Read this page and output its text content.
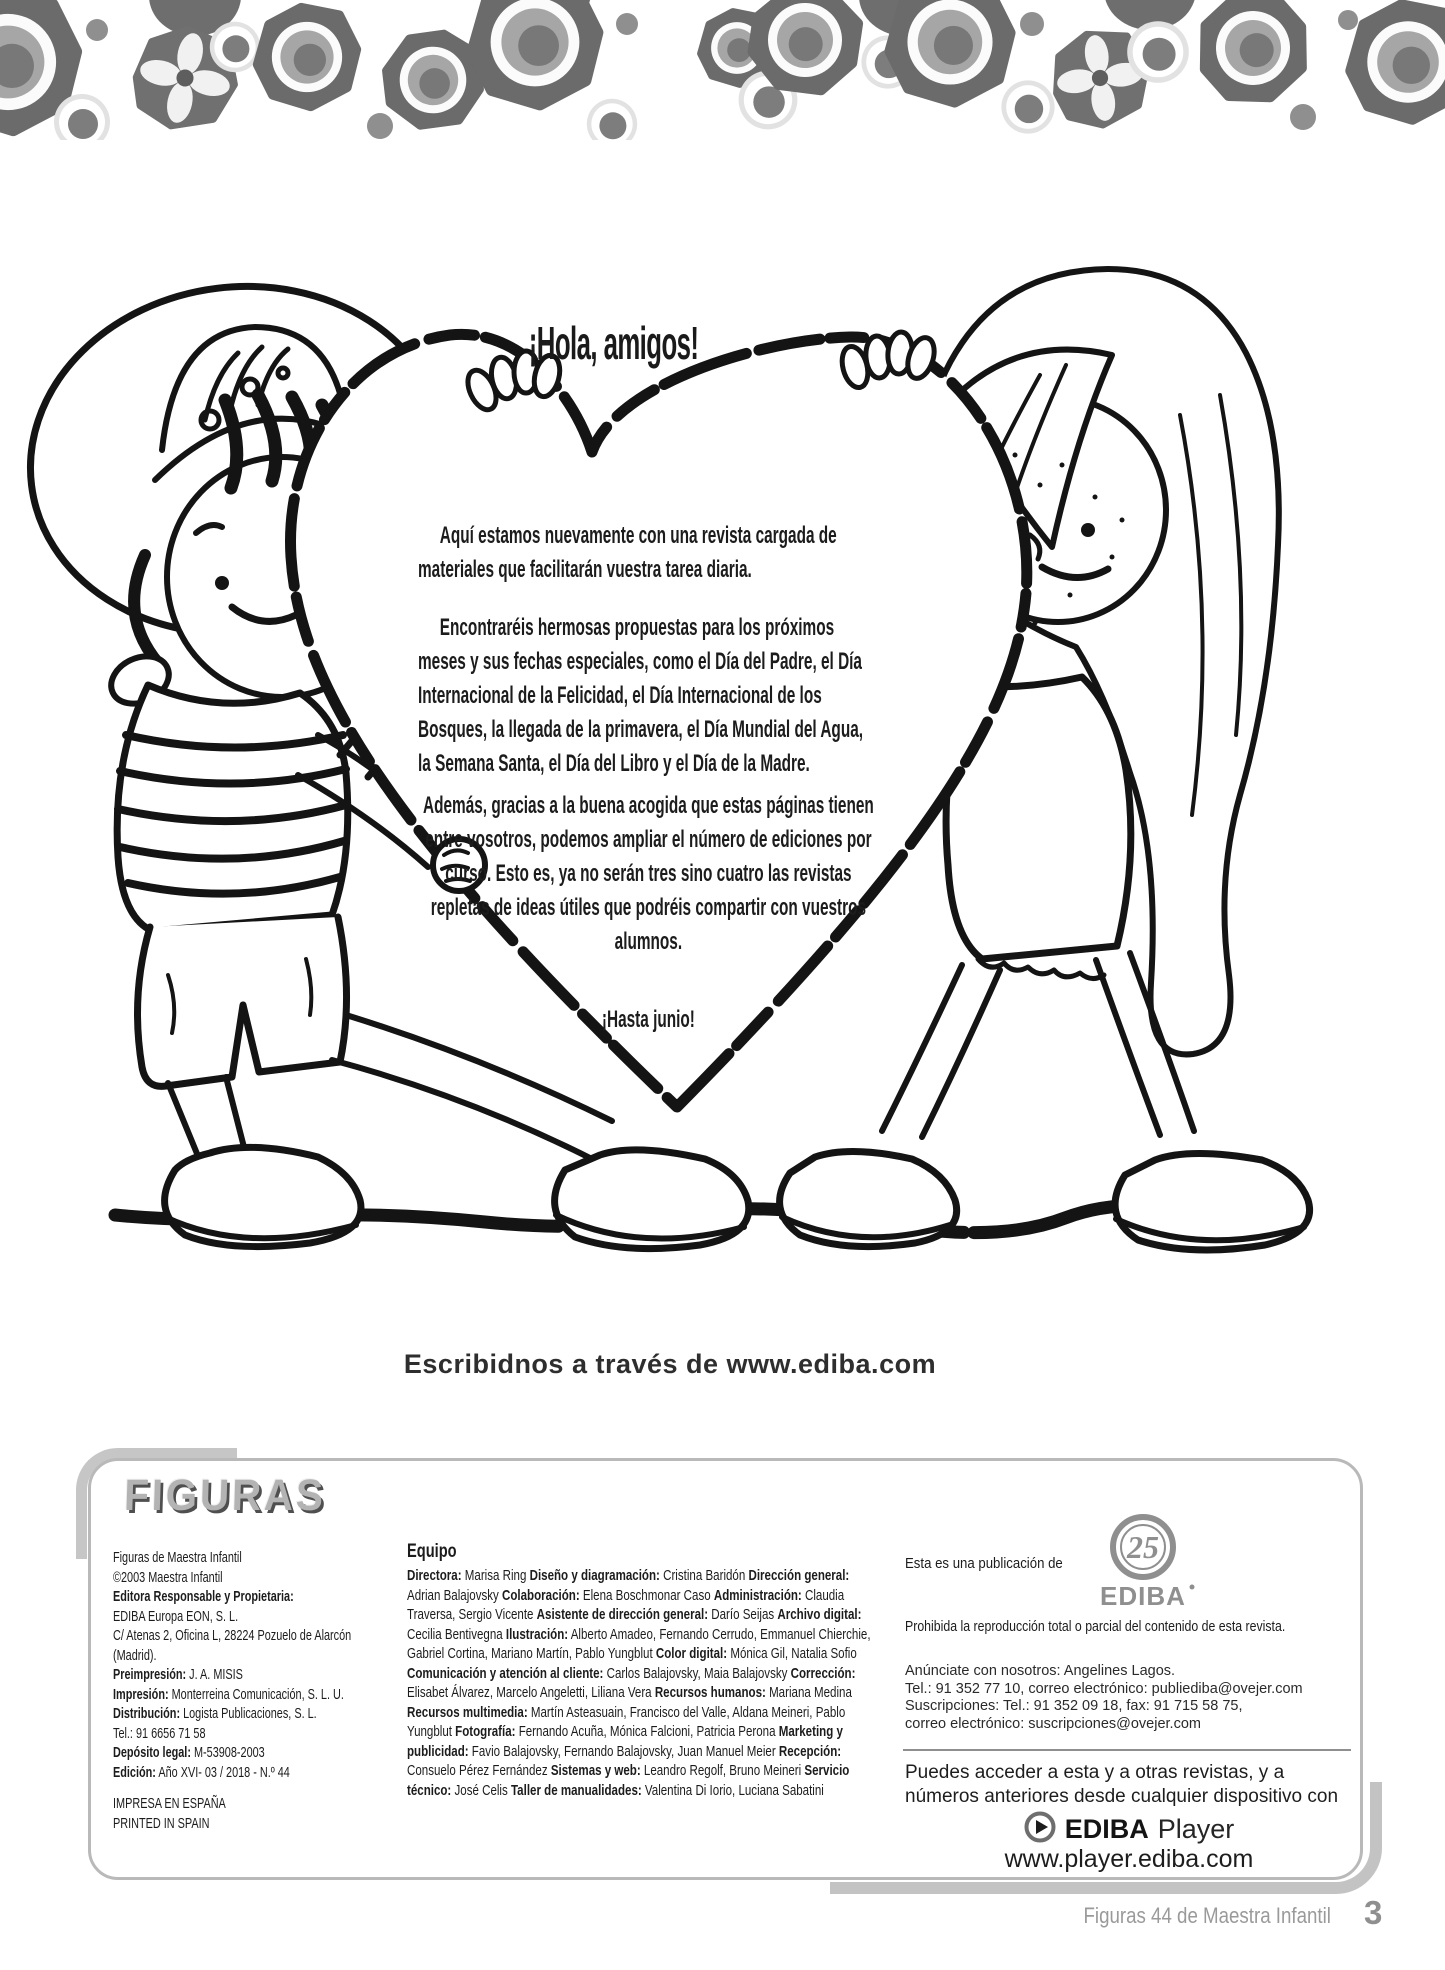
¡Hola, amigos!

Aquí estamos nuevamente con una revista cargada de materiales que facilitarán vuestra tarea diaria.

Encontraréis hermosas propuestas para los próximos meses y sus fechas especiales, como el Día del Padre, el Día Internacional de la Felicidad, el Día Internacional de los Bosques, la llegada de la primavera, el Día Mundial del Agua, la Semana Santa, el Día del Libro y el Día de la Madre.

Además, gracias a la buena acogida que estas páginas tienen entre vosotros, podemos ampliar el número de ediciones por curso. Esto es, ya no serán tres sino cuatro las revistas repletas de ideas útiles que podréis compartir con vuestros alumnos.

¡Hasta junio!

Escribidnos a través de www.ediba.com
FIGURAS
Figuras de Maestra Infantil
©2003 Maestra Infantil
Editora Responsable y Propietaria:
EDIBA Europa EON, S. L.
C/ Atenas 2, Oficina L, 28224 Pozuelo de Alarcón (Madrid).
Preimpresión: J. A. MISIS
Impresión: Monterreina Comunicación, S. L. U.
Distribución: Logista Publicaciones, S. L.
Tel.: 91 6656 71 58
Depósito legal: M-53908-2003
Edición: Año XVI- 03 / 2018 - N.º 44
IMPRESA EN ESPAÑA
PRINTED IN SPAIN
Equipo
Directora: Marisa Ring Diseño y diagramación: Cristina Baridón Dirección general: Adrian Balajovsky Colaboración: Elena Boschmonar Caso Administración: Claudia Traversa, Sergio Vicente Asistente de dirección general: Darío Seijas Archivo digital: Cecilia Bentivegna Ilustración: Alberto Amadeo, Fernando Cerrudo, Emmanuel Chierchie, Gabriel Cortina, Mariano Martín, Pablo Yungblut Color digital: Mónica Gil, Natalia Sofio Comunicación y atención al cliente: Carlos Balajovsky, Maia Balajovsky Corrección: Elisabet Álvarez, Marcelo Angeletti, Liliana Vera Recursos humanos: Mariana Medina Recursos multimedia: Martín Asteasuain, Francisco del Valle, Aldana Meineri, Pablo Yungblut Fotografía: Fernando Acuña, Mónica Falcioni, Patricia Perona Marketing y publicidad: Favio Balajovsky, Fernando Balajovsky, Juan Manuel Meier Recepción: Consuelo Pérez Fernández Sistemas y web: Leandro Regolf, Bruno Meineri Servicio técnico: José Celis Taller de manualidades: Valentina Di Iorio, Luciana Sabatini
Esta es una publicación de	25
EDIBA
Prohibida la reproducción total o parcial del contenido de esta revista.
Anúnciate con nosotros: Angelines Lagos.
Tel.: 91 352 77 10, correo electrónico: publiediba@ovejer.com
Suscripciones: Tel.: 91 352 09 18, fax: 91 715 58 75,
correo electrónico: suscripciones@ovejer.com
Puedes acceder a esta y a otras revistas, y a números anteriores desde cualquier dispositivo con
EDIBA Player
www.player.ediba.com
Figuras 44 de Maestra Infantil 3
